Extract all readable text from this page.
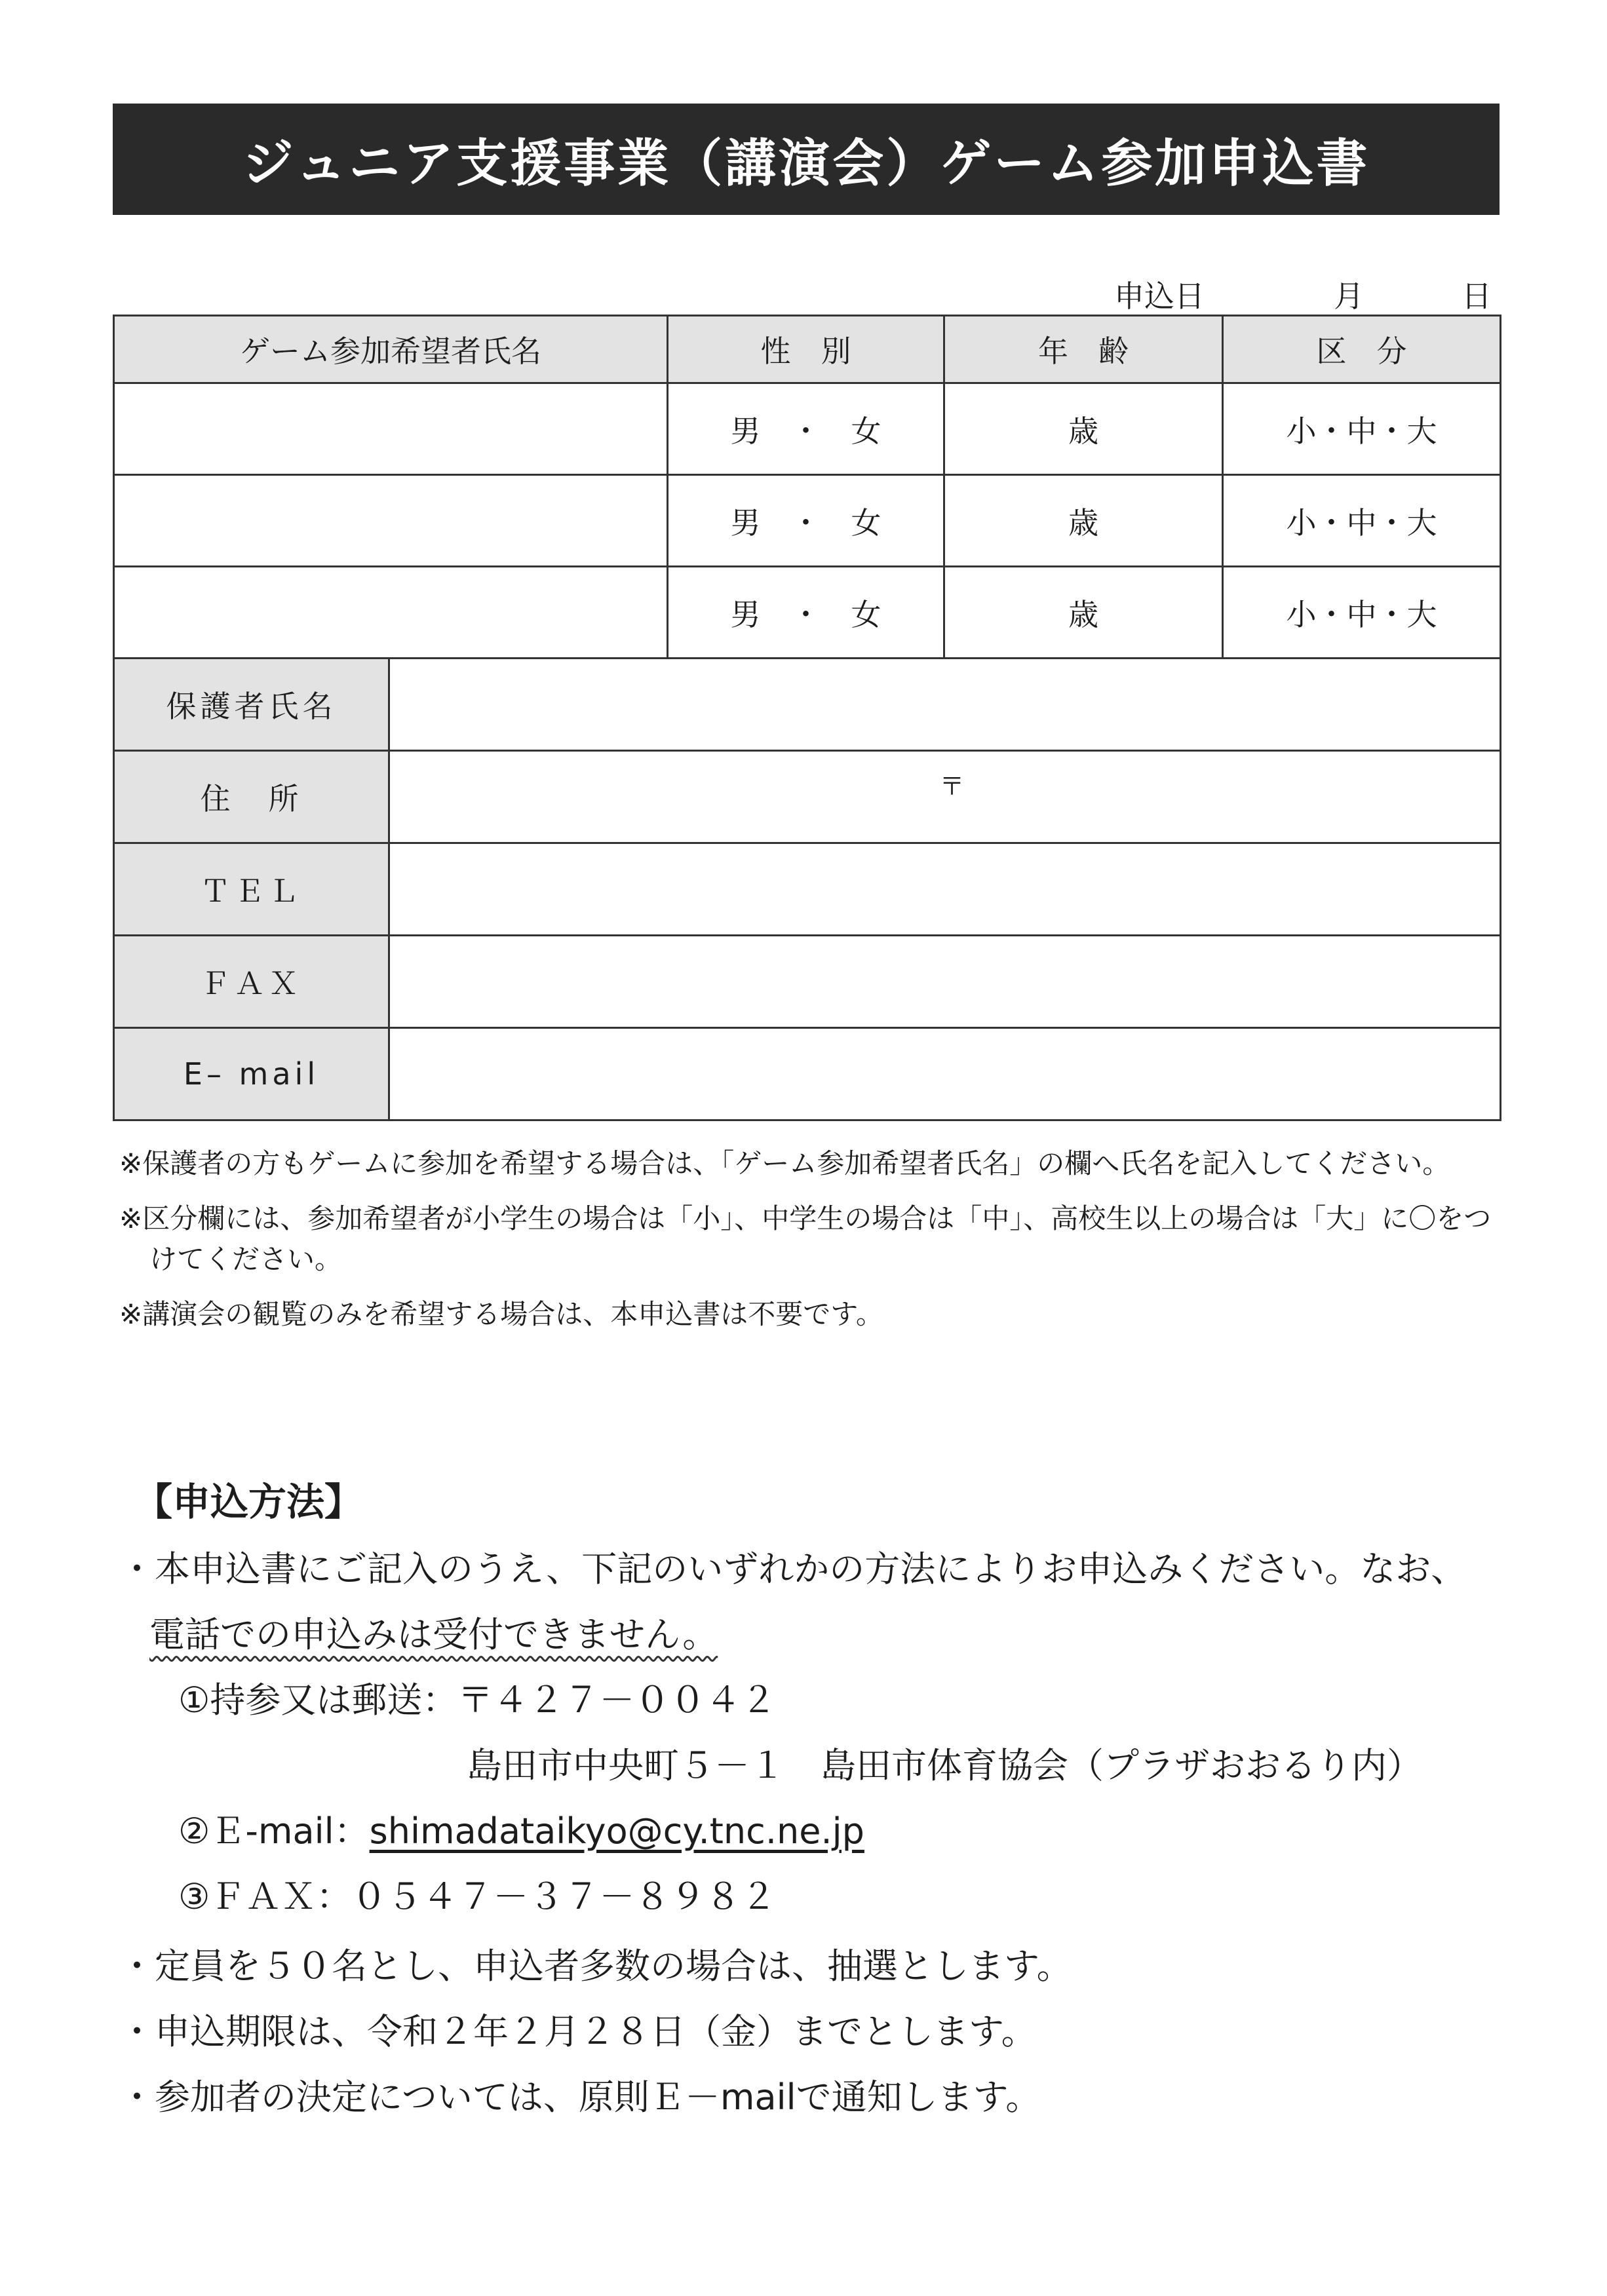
ジュニア支援事業（講演会）ゲーム参加申込書
申込日	月	日
ゲーム参加希望者氏名		性　別	年　齢	区　分
		男　・　女	歳	小・中・大
		男　・　女	歳	小・中・大
		男　・　女	歳	小・中・大
保護者氏名				
住　所	〒			
ＴＥＬ				
ＦＡＸ				
E– mail				
※保護者の方もゲームに参加を希望する場合は、「ゲーム参加希望者氏名」の欄へ氏名を記入してください。
※区分欄には、参加希望者が小学生の場合は「小」、中学生の場合は「中」、高校生以上の場合は「大」に〇をつけてください。
※講演会の観覧のみを希望する場合は、本申込書は不要です。
【申込方法】
・本申込書にご記入のうえ、下記のいずれかの方法によりお申込みください。なお、
電話での申込みは受付できません。
①持参又は郵送：〒４２７－００４２
島田市中央町５－１　島田市体育協会（プラザおおるり内）
②Ｅ-mail：shimadataikyo@cy.tnc.ne.jp
③ＦＡＸ：０５４７－３７－８９８２
・定員を５０名とし、申込者多数の場合は、抽選とします。
・申込期限は、令和２年２月２８日（金）までとします。
・参加者の決定については、原則Ｅ－mailで通知します。
